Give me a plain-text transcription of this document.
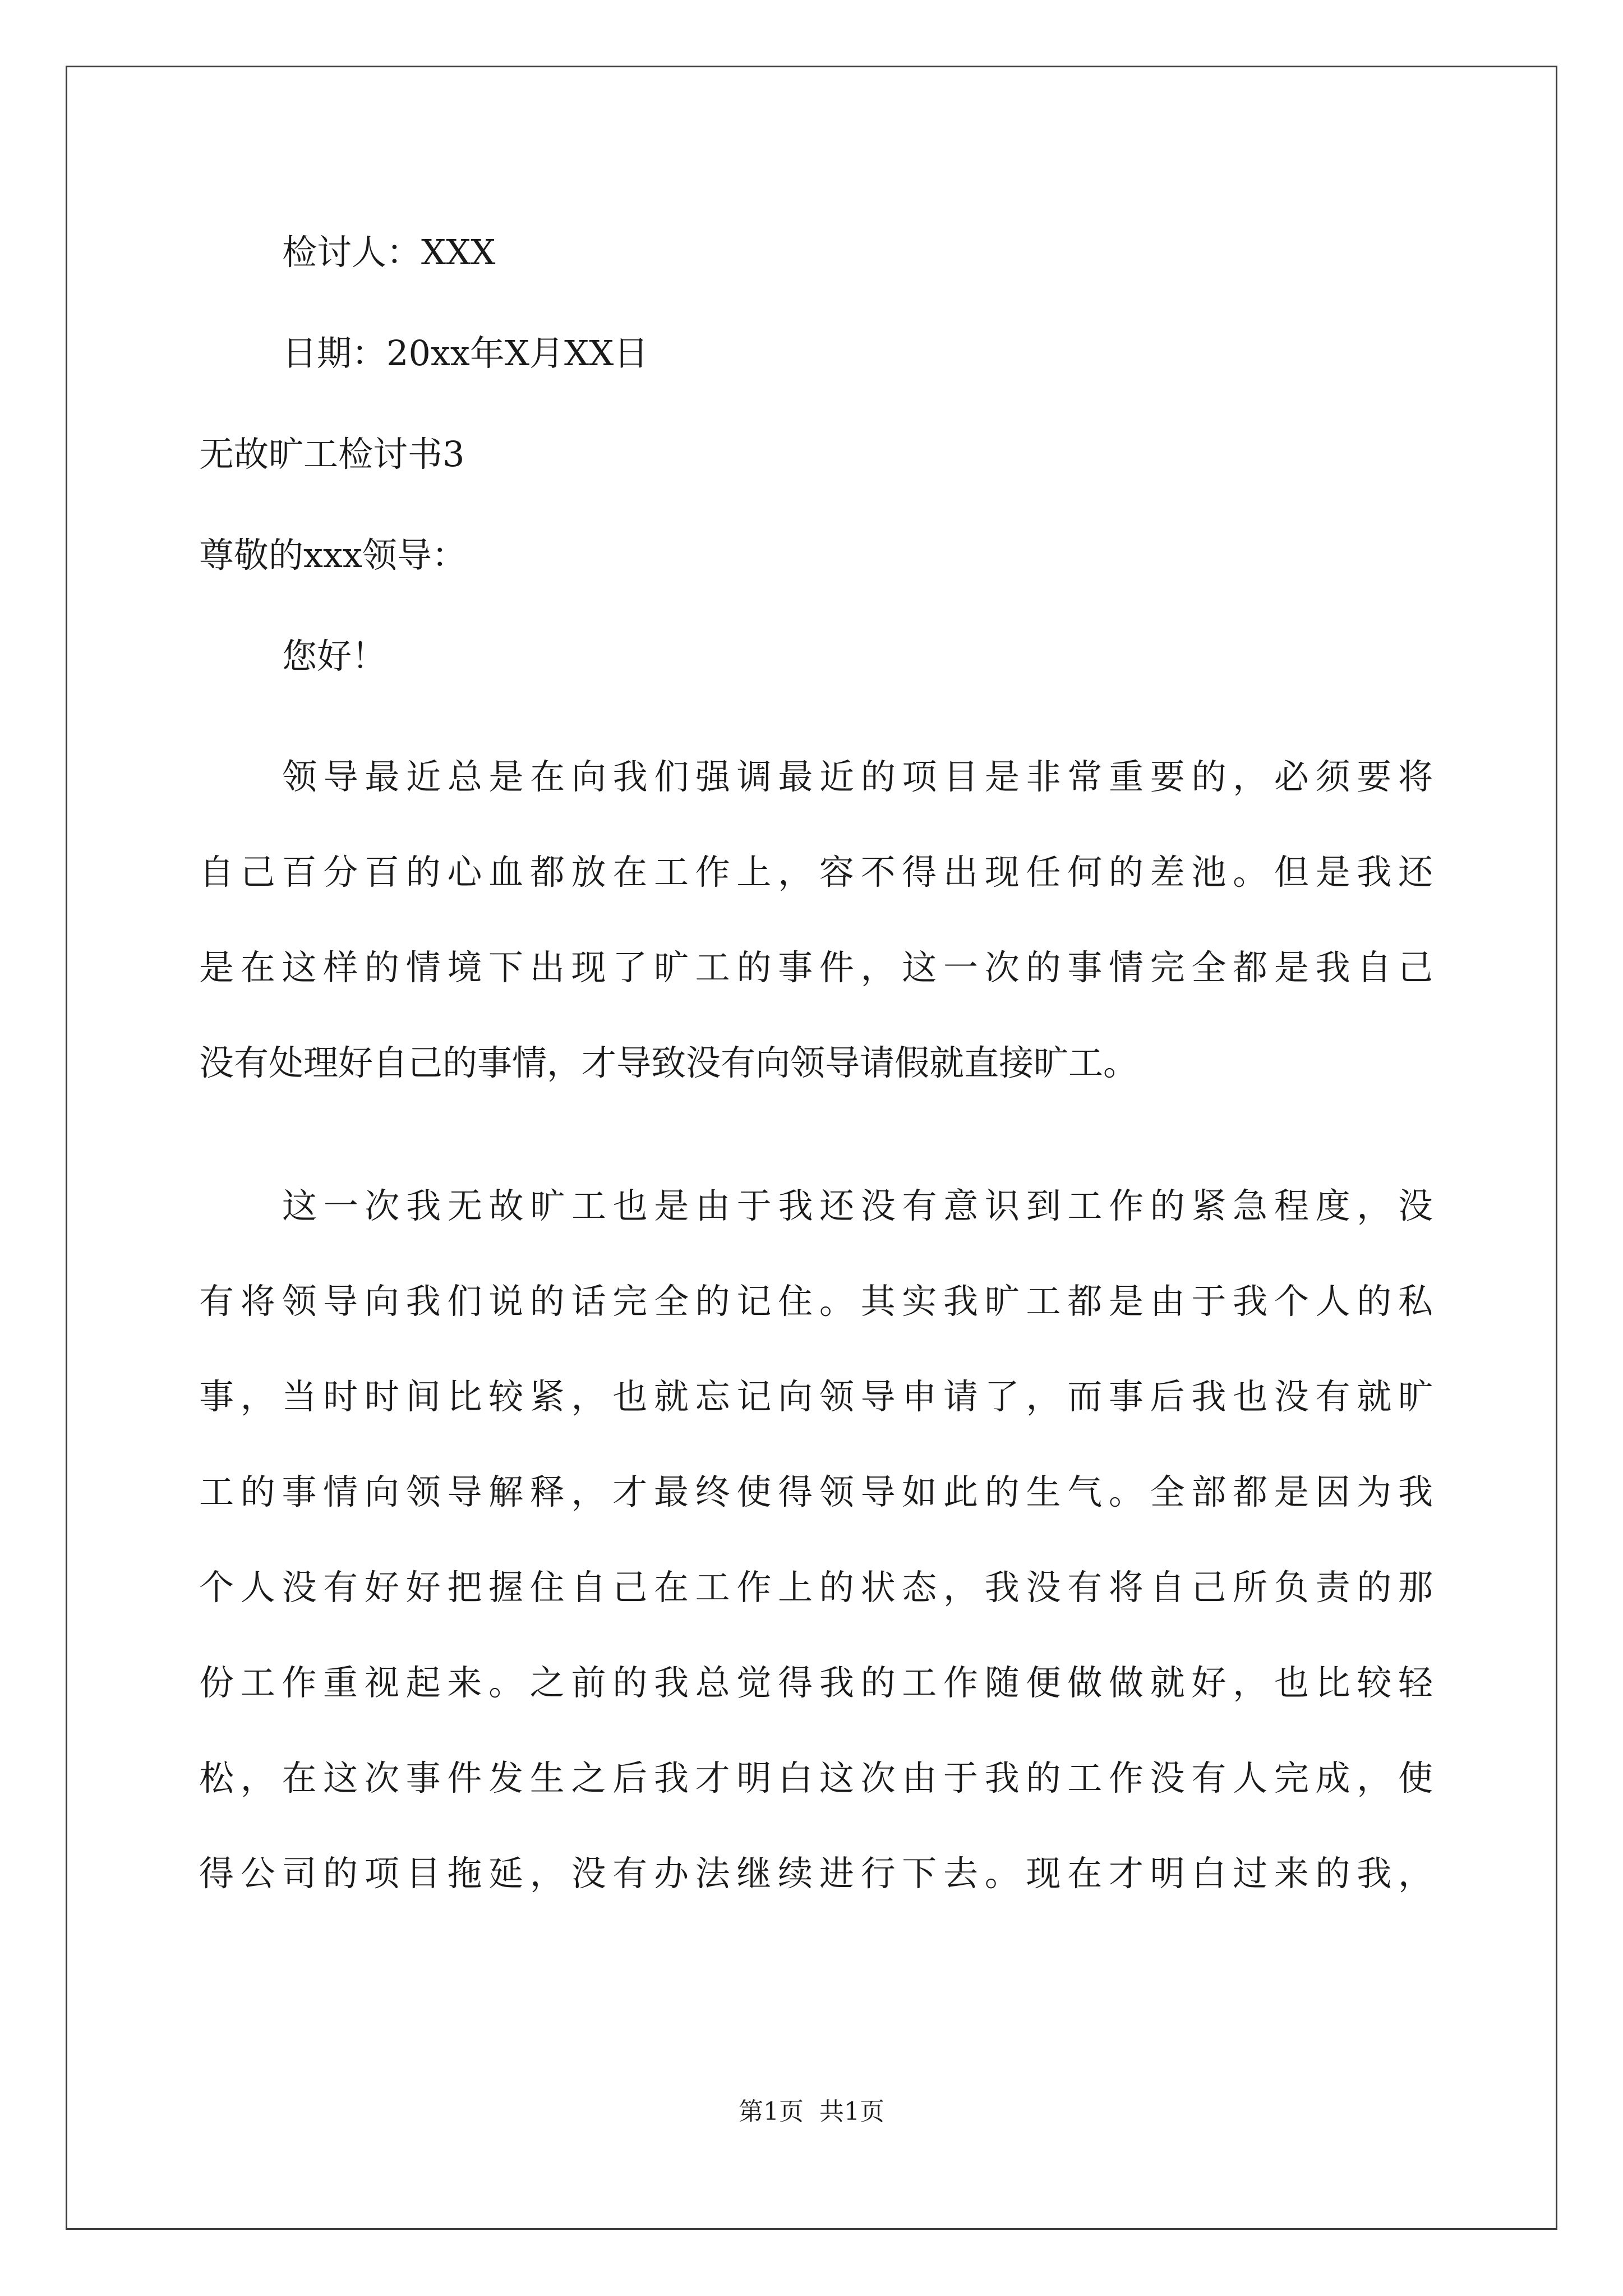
检讨人：XXX
日期：20xx年X月XX日
无故旷工检讨书3
尊敬的xxx领导：
您好！
领导最近总是在向我们强调最近的项目是非常重要的，必须要将
自己百分百的心血都放在工作上，容不得出现任何的差池。但是我还
是在这样的情境下出现了旷工的事件，这一次的事情完全都是我自己
没有处理好自己的事情，才导致没有向领导请假就直接旷工。
这一次我无故旷工也是由于我还没有意识到工作的紧急程度，没
有将领导向我们说的话完全的记住。其实我旷工都是由于我个人的私
事，当时时间比较紧，也就忘记向领导申请了，而事后我也没有就旷
工的事情向领导解释，才最终使得领导如此的生气。全部都是因为我
个人没有好好把握住自己在工作上的状态，我没有将自己所负责的那
份工作重视起来。之前的我总觉得我的工作随便做做就好，也比较轻
松，在这次事件发生之后我才明白这次由于我的工作没有人完成，使
得公司的项目拖延，没有办法继续进行下去。现在才明白过来的我，
第1页  共1页
